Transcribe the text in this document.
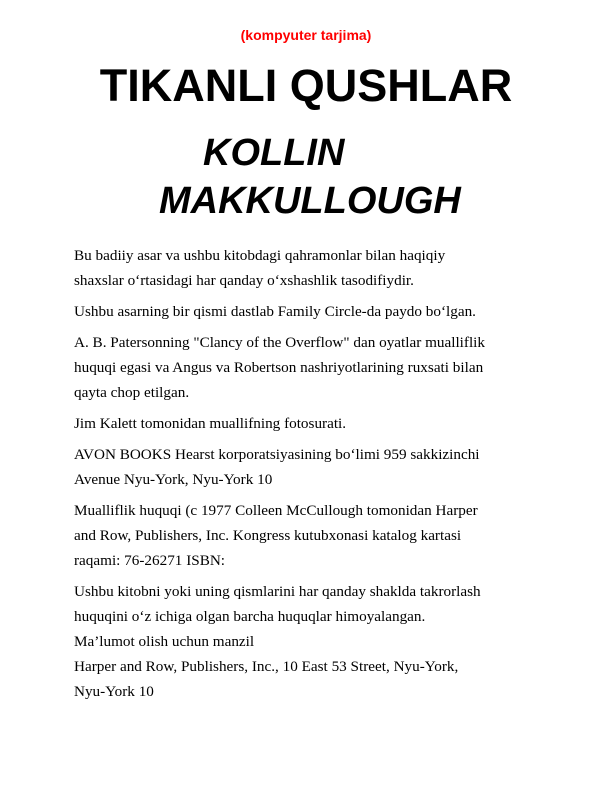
(kompyuter tarjima)
TIKANLI QUSHLAR
KOLLIN
MAKKULLOUGH

Bu badiiy asar va ushbu kitobdagi qahramonlar bilan haqiqiy
shaxslar o‘rtasidagi har qanday o‘xshashlik tasodifiydir.

Ushbu asarning bir qismi dastlab Family Circle-da paydo bo‘lgan.

A. B. Patersonning "Clancy of the Overflow" dan oyatlar mualliflik
huquqi egasi va Angus va Robertson nashriyotlarining ruxsati bilan
qayta chop etilgan.

Jim Kalett tomonidan muallifning fotosurati.

AVON BOOKS Hearst korporatsiyasining bo‘limi 959 sakkizinchi
Avenue Nyu-York, Nyu-York 10

Mualliflik huquqi (c 1977 Colleen McCullough tomonidan Harper
and Row, Publishers, Inc. Kongress kutubxonasi katalog kartasi
raqami: 76-26271 ISBN:

Ushbu kitobni yoki uning qismlarini har qanday shaklda takrorlash
huquqini o‘z ichiga olgan barcha huquqlar himoyalangan.
Ma’lumot olish uchun manzil
Harper and Row, Publishers, Inc., 10 East 53 Street, Nyu-York,
Nyu-York 10
